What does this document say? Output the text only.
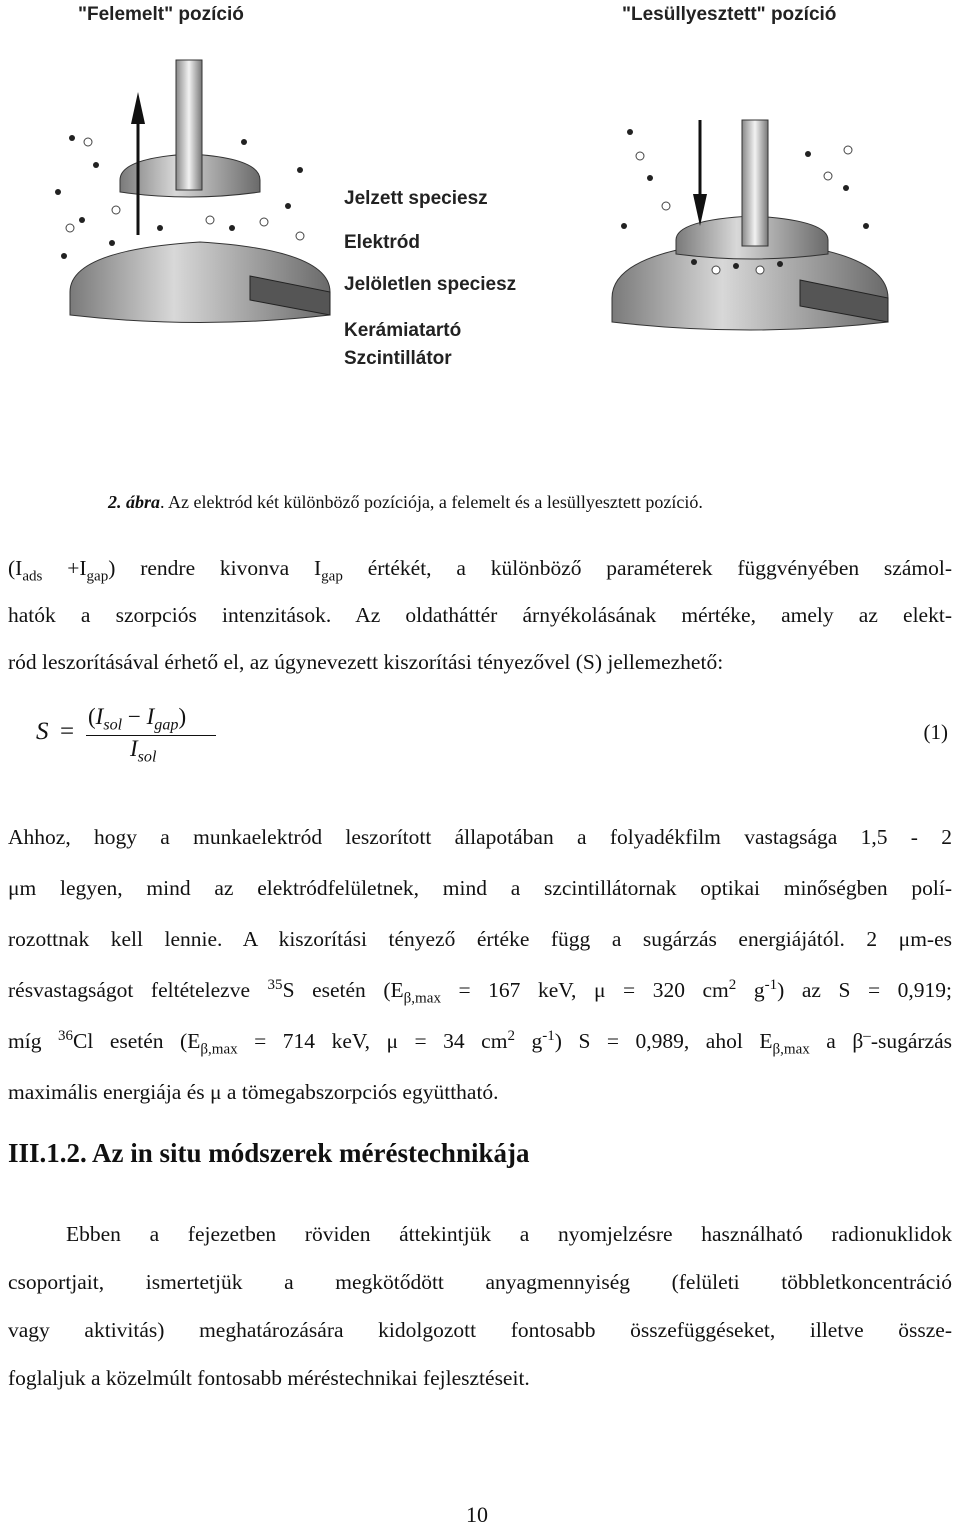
"Felemelt" pozíció	"Lesüllyesztett" pozíció
Jelzett speciesz
Elektród
Jelöletlen speciesz
Kerámiatartó
Szcintillátor
2. ábra. Az elektród két különböző pozíciója, a felemelt és a lesüllyesztett pozíció.
$(I_{ads} +I_{gap})$ rendre kivonva $I_{gap}$ értékét, a különböző paraméterek függvényében számol-
hatók a szorpciós intenzitások. Az oldatháttér árnyékolásának mértéke, amely az elekt-
ród leszorításával érhető el, az úgynevezett kiszorítási tényezővel (S) jellemezhető:
S =
$(I_{sol} - I_{gap})$
$I_{sol}$
(1)
Ahhoz, hogy a munkaelektród leszorított állapotában a folyadékfilm vastagsága 1,5 - 2
μm legyen, mind az elektródfelületnek, mind a szcintillátornak optikai minőségben polí-
rozottnak kell lennie. A kiszorítási tényező értéke függ a sugárzás energiájától. 2 μm-es
résvastagságot feltételezve $^{35}$S esetén ($E_{\beta,max} = 167$ keV, μ = 320 $cm^2$ $g^{-1}$) az S = 0,919;
míg $^{36}$Cl esetén ($E_{\beta,max} = 714$ keV, μ = 34 $cm^2$ $g^{-1}$) S = 0,989, ahol $E_{\beta,max}$ a β–-sugárzás
maximális energiája és μ a tömegabszorpciós együttható.
III.1.2. Az in situ módszerek méréstechnikája
Ebben a fejezetben röviden áttekintjük a nyomjelzésre használható radionuklidok
csoportjait, ismertetjük a megkötődött anyagmennyiség (felületi többletkoncentráció
vagy aktivitás) meghatározására kidolgozott fontosabb összefüggéseket, illetve össze-
foglaljuk a közelmúlt fontosabb méréstechnikai fejlesztéseit.
10
